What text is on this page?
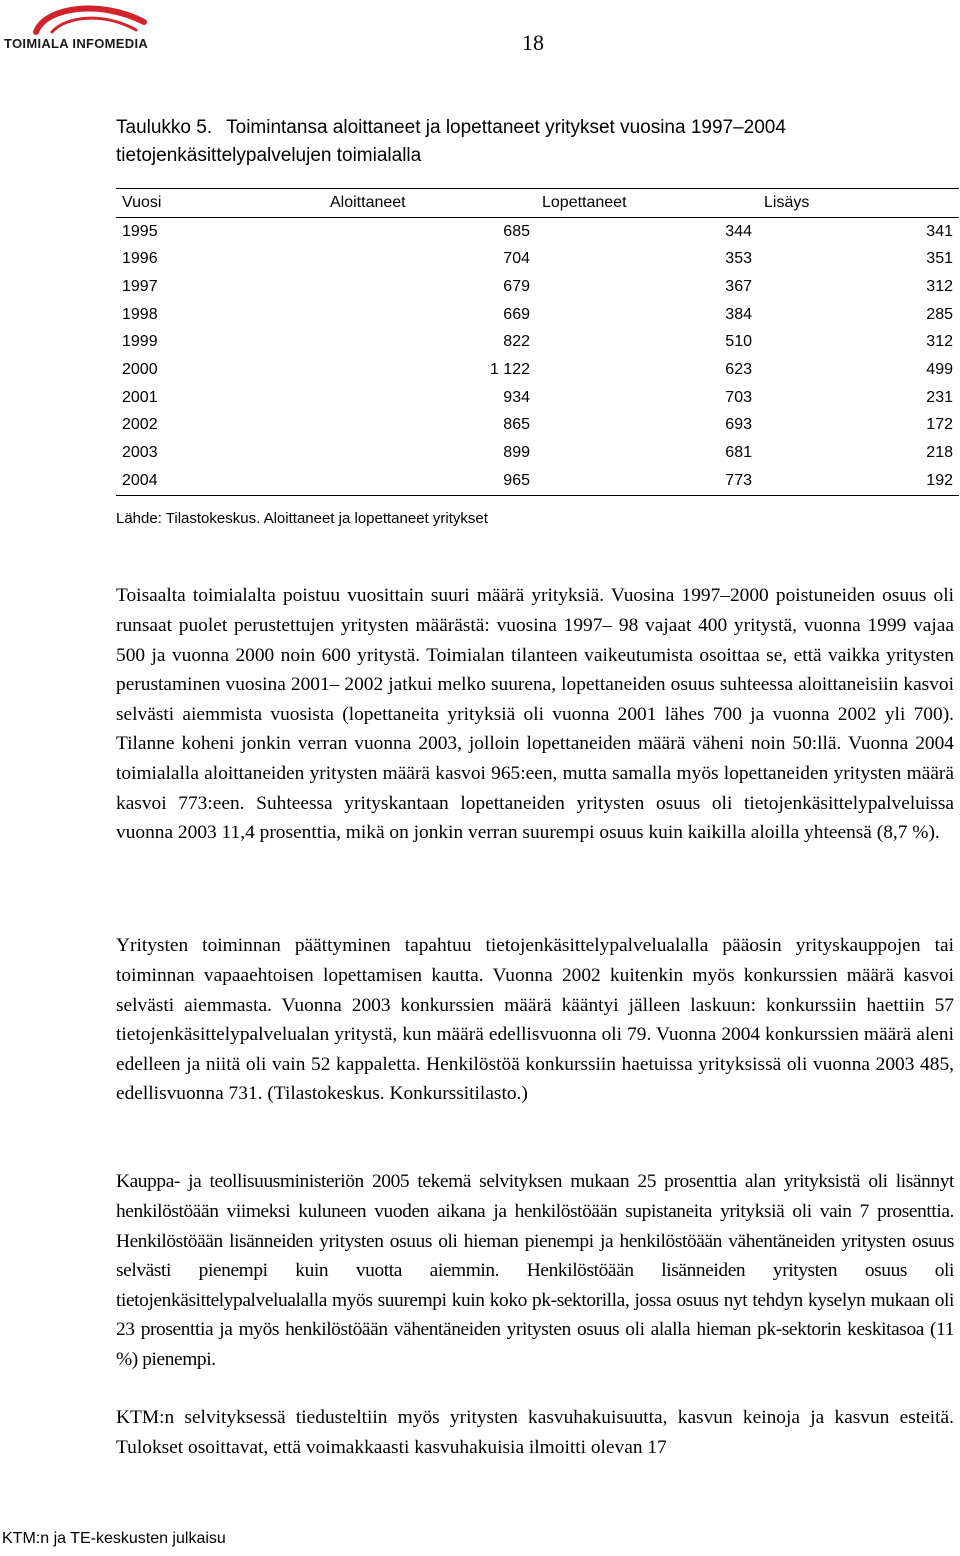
TOIMIALA INFOMEDIA	18
Taulukko 5. Toimintansa aloittaneet ja lopettaneet yritykset vuosina 1997–2004 tietojenkäsittelypalvelujen toimialalla
Vuosi	Aloittaneet	Lopettaneet	Lisäys
1995	685	344	341
1996	704	353	351
1997	679	367	312
1998	669	384	285
1999	822	510	312
2000	1 122	623	499
2001	934	703	231
2002	865	693	172
2003	899	681	218
2004	965	773	192
Lähde: Tilastokeskus. Aloittaneet ja lopettaneet yritykset

Toisaalta toimialalta poistuu vuosittain suuri määrä yrityksiä. Vuosina 1997–2000 poistuneiden osuus oli runsaat puolet perustettujen yritysten määrästä: vuosina 1997– 98 vajaat 400 yritystä, vuonna 1999 vajaa 500 ja vuonna 2000 noin 600 yritystä. Toimialan tilanteen vaikeutumista osoittaa se, että vaikka yritysten perustaminen vuosina 2001– 2002 jatkui melko suurena, lopettaneiden osuus suhteessa aloittaneisiin kasvoi selvästi aiemmista vuosista (lopettaneita yrityksiä oli vuonna 2001 lähes 700 ja vuonna 2002 yli 700). Tilanne koheni jonkin verran vuonna 2003, jolloin lopettaneiden määrä väheni noin 50:llä. Vuonna 2004 toimialalla aloittaneiden yritysten määrä kasvoi 965:een, mutta samalla myös lopettaneiden yritysten määrä kasvoi 773:een. Suhteessa yrityskantaan lopettaneiden yritysten osuus oli tietojenkäsittelypalveluissa vuonna 2003 11,4 prosenttia, mikä on jonkin verran suurempi osuus kuin kaikilla aloilla yhteensä (8,7 %).

Yritysten toiminnan päättyminen tapahtuu tietojenkäsittelypalvelualalla pääosin yrityskauppojen tai toiminnan vapaaehtoisen lopettamisen kautta. Vuonna 2002 kuitenkin myös konkurssien määrä kasvoi selvästi aiemmasta. Vuonna 2003 konkurssien määrä kääntyi jälleen laskuun: konkurssiin haettiin 57 tietojenkäsittelypalvelualan yritystä, kun määrä edellisvuonna oli 79. Vuonna 2004 konkurssien määrä aleni edelleen ja niitä oli vain 52 kappaletta. Henkilöstöä konkurssiin haetuissa yrityksissä oli vuonna 2003 485, edellisvuonna 731. (Tilastokeskus. Konkurssitilasto.)

Kauppa- ja teollisuusministeriön 2005 tekemä selvityksen mukaan 25 prosenttia alan yrityksistä oli lisännyt henkilöstöään viimeksi kuluneen vuoden aikana ja henkilöstöään supistaneita yrityksiä oli vain 7 prosenttia. Henkilöstöään lisänneiden yritysten osuus oli hieman pienempi ja henkilöstöään vähentäneiden yritysten osuus selvästi pienempi kuin vuotta aiemmin. Henkilöstöään lisänneiden yritysten osuus oli tietojenkäsittelypalvelualalla myös suurempi kuin koko pk-sektorilla, jossa osuus nyt tehdyn kyselyn mukaan oli 23 prosenttia ja myös henkilöstöään vähentäneiden yritysten osuus oli alalla hieman pk-sektorin keskitasoa (11 %) pienempi.

KTM:n selvityksessä tiedusteltiin myös yritysten kasvuhakuisuutta, kasvun keinoja ja kasvun esteitä. Tulokset osoittavat, että voimakkaasti kasvuhakuisia ilmoitti olevan 17

KTM:n ja TE-keskusten julkaisu
